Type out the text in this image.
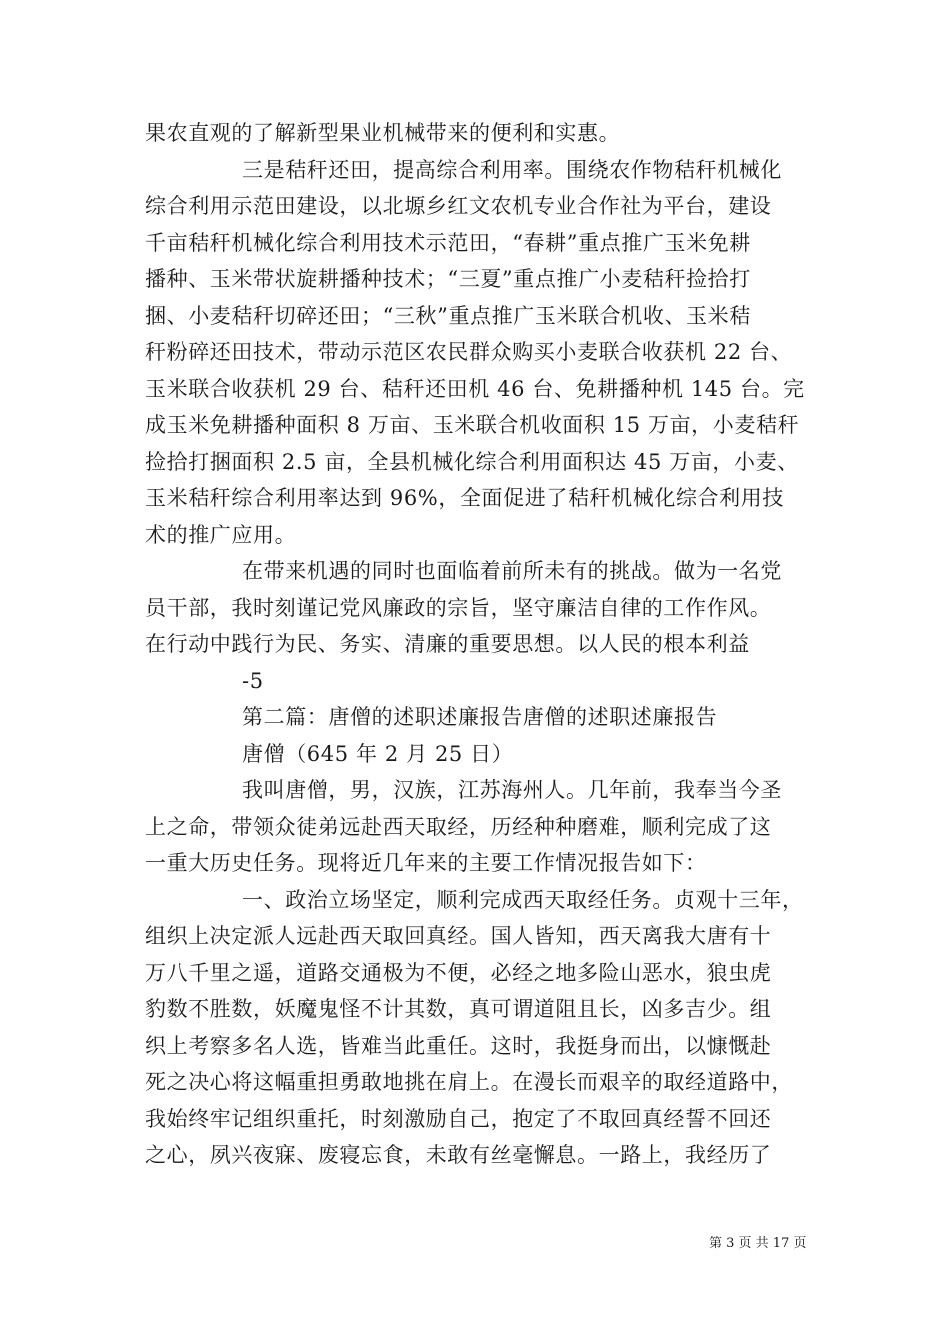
果农直观的了解新型果业机械带来的便利和实惠。
三是秸秆还田，提高综合利用率。围绕农作物秸秆机械化
综合利用示范田建设，以北塬乡红文农机专业合作社为平台，建设
千亩秸秆机械化综合利用技术示范田，“春耕”重点推广玉米免耕
播种、玉米带状旋耕播种技术；“三夏”重点推广小麦秸秆捡拾打
捆、小麦秸秆切碎还田；“三秋”重点推广玉米联合机收、玉米秸
秆粉碎还田技术，带动示范区农民群众购买小麦联合收获机 22 台、
玉米联合收获机 29 台、秸秆还田机 46 台、免耕播种机 145 台。完
成玉米免耕播种面积 8 万亩、玉米联合机收面积 15 万亩，小麦秸秆
捡拾打捆面积 2.5 亩，全县机械化综合利用面积达 45 万亩，小麦、
玉米秸秆综合利用率达到 96%，全面促进了秸秆机械化综合利用技
术的推广应用。
在带来机遇的同时也面临着前所未有的挑战。做为一名党
员干部，我时刻谨记党风廉政的宗旨，坚守廉洁自律的工作作风。
在行动中践行为民、务实、清廉的重要思想。以人民的根本利益
-5
第二篇：唐僧的述职述廉报告唐僧的述职述廉报告
唐僧（645 年 2 月 25 日）
我叫唐僧，男，汉族，江苏海州人。几年前，我奉当今圣
上之命，带领众徒弟远赴西天取经，历经种种磨难，顺利完成了这
一重大历史任务。现将近几年来的主要工作情况报告如下：
一、政治立场坚定，顺利完成西天取经任务。贞观十三年，
组织上决定派人远赴西天取回真经。国人皆知，西天离我大唐有十
万八千里之遥，道路交通极为不便，必经之地多险山恶水，狼虫虎
豹数不胜数，妖魔鬼怪不计其数，真可谓道阻且长，凶多吉少。组
织上考察多名人选，皆难当此重任。这时，我挺身而出，以慷慨赴
死之决心将这幅重担勇敢地挑在肩上。在漫长而艰辛的取经道路中，
我始终牢记组织重托，时刻激励自己，抱定了不取回真经誓不回还
之心，夙兴夜寐、废寝忘食，未敢有丝毫懈息。一路上，我经历了
第 3 页 共 17 页
